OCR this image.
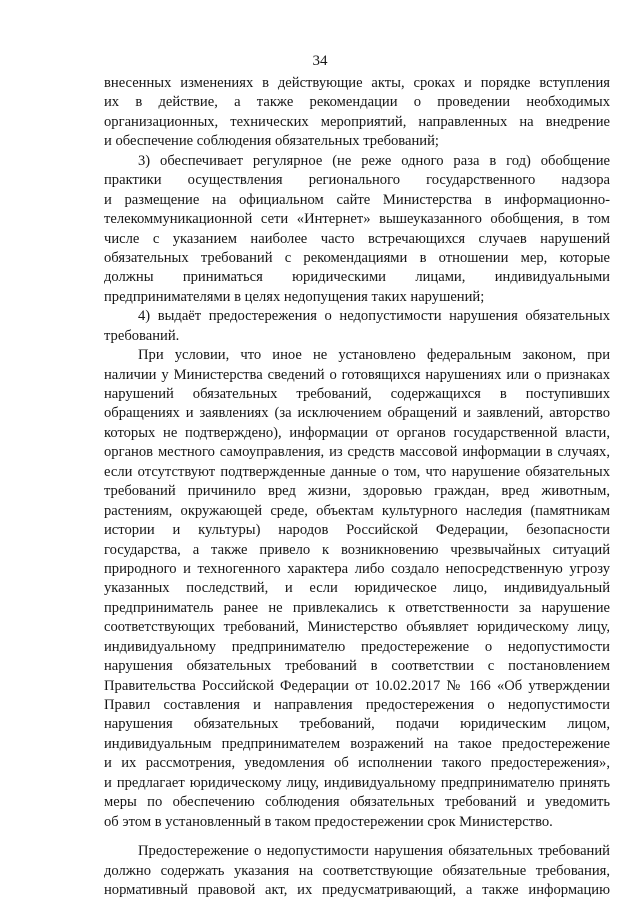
34
внесенных изменениях в действующие акты, сроках и порядке вступления
их в действие, а также рекомендации о проведении необходимых
организационных, технических мероприятий, направленных на внедрение
и обеспечение соблюдения обязательных требований;
3) обеспечивает регулярное (не реже одного раза в год) обобщение
практики осуществления регионального государственного надзора
и размещение на официальном сайте Министерства в информационно-
телекоммуникационной сети «Интернет» вышеуказанного обобщения, в том
числе с указанием наиболее часто встречающихся случаев нарушений
обязательных требований с рекомендациями в отношении мер, которые
должны приниматься юридическими лицами, индивидуальными
предпринимателями в целях недопущения таких нарушений;
4) выдаёт предостережения о недопустимости нарушения обязательных
требований.
При условии, что иное не установлено федеральным законом, при
наличии у Министерства сведений о готовящихся нарушениях или о признаках
нарушений обязательных требований, содержащихся в поступивших
обращениях и заявлениях (за исключением обращений и заявлений, авторство
которых не подтверждено), информации от органов государственной власти,
органов местного самоуправления, из средств массовой информации в случаях,
если отсутствуют подтвержденные данные о том, что нарушение обязательных
требований причинило вред жизни, здоровью граждан, вред животным,
растениям, окружающей среде, объектам культурного наследия (памятникам
истории и культуры) народов Российской Федерации, безопасности
государства, а также привело к возникновению чрезвычайных ситуаций
природного и техногенного характера либо создало непосредственную угрозу
указанных последствий, и если юридическое лицо, индивидуальный
предприниматель ранее не привлекались к ответственности за нарушение
соответствующих требований, Министерство объявляет юридическому лицу,
индивидуальному предпринимателю предостережение о недопустимости
нарушения обязательных требований в соответствии с постановлением
Правительства Российской Федерации от 10.02.2017 № 166 «Об утверждении
Правил составления и направления предостережения о недопустимости
нарушения обязательных требований, подачи юридическим лицом,
индивидуальным предпринимателем возражений на такое предостережение
и их рассмотрения, уведомления об исполнении такого предостережения»,
и предлагает юридическому лицу, индивидуальному предпринимателю принять
меры по обеспечению соблюдения обязательных требований и уведомить
об этом в установленный в таком предостережении срок Министерство.
Предостережение о недопустимости нарушения обязательных требований
должно содержать указания на соответствующие обязательные требования,
нормативный правовой акт, их предусматривающий, а также информацию
